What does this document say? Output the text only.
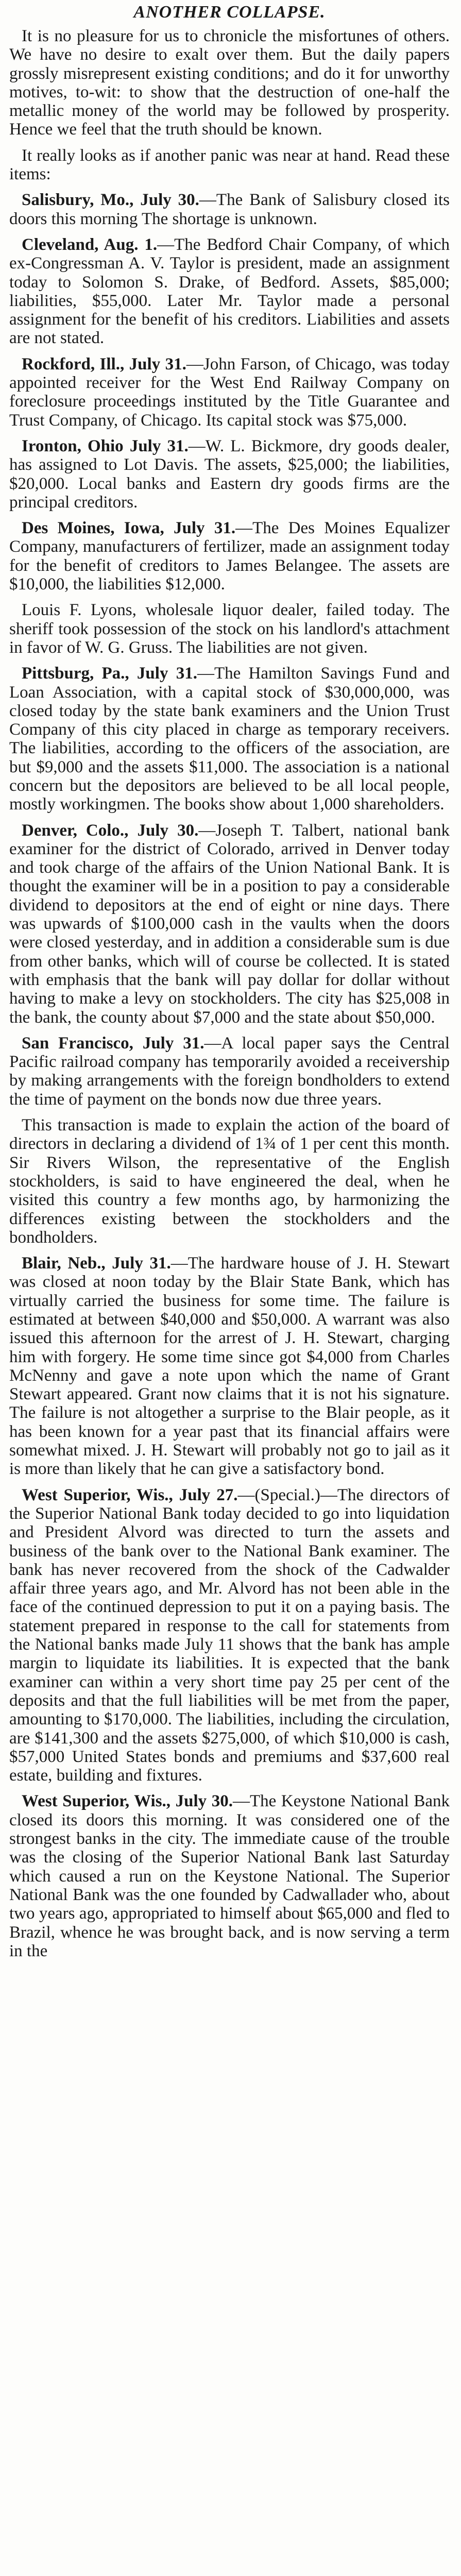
ANOTHER COLLAPSE.

It is no pleasure for us to chronicle the misfortunes of others. We have no desire to exalt over them. But the daily papers grossly misrepresent existing conditions; and do it for unworthy motives, to-wit: to show that the destruction of one-half the metallic money of the world may be followed by prosperity. Hence we feel that the truth should be known.

It really looks as if another panic was near at hand. Read these items:

Salisbury, Mo., July 30.—The Bank of Salisbury closed its doors this morning The shortage is unknown.

Cleveland, Aug. 1.—The Bedford Chair Company, of which ex-Congressman A. V. Taylor is president, made an assignment today to Solomon S. Drake, of Bedford. Assets, $85,000; liabilities, $55,000. Later Mr. Taylor made a personal assignment for the benefit of his creditors. Liabilities and assets are not stated.

Rockford, Ill., July 31.—John Farson, of Chicago, was today appointed receiver for the West End Railway Company on foreclosure proceedings instituted by the Title Guarantee and Trust Company, of Chicago. Its capital stock was $75,000.

Ironton, Ohio July 31.—W. L. Bickmore, dry goods dealer, has assigned to Lot Davis. The assets, $25,000; the liabilities, $20,000. Local banks and Eastern dry goods firms are the principal creditors.

Des Moines, Iowa, July 31.—The Des Moines Equalizer Company, manufacturers of fertilizer, made an assignment today for the benefit of creditors to James Belangee. The assets are $10,000, the liabilities $12,000.

Louis F. Lyons, wholesale liquor dealer, failed today. The sheriff took possession of the stock on his landlord's attachment in favor of W. G. Gruss. The liabilities are not given.

Pittsburg, Pa., July 31.—The Hamilton Savings Fund and Loan Association, with a capital stock of $30,000,000, was closed today by the state bank examiners and the Union Trust Company of this city placed in charge as temporary receivers. The liabilities, according to the officers of the association, are but $9,000 and the assets $11,000. The association is a national concern but the depositors are believed to be all local people, mostly workingmen. The books show about 1,000 shareholders.

Denver, Colo., July 30.—Joseph T. Talbert, national bank examiner for the district of Colorado, arrived in Denver today and took charge of the affairs of the Union National Bank. It is thought the examiner will be in a position to pay a considerable dividend to depositors at the end of eight or nine days. There was upwards of $100,000 cash in the vaults when the doors were closed yesterday, and in addition a considerable sum is due from other banks, which will of course be collected. It is stated with emphasis that the bank will pay dollar for dollar without having to make a levy on stockholders. The city has $25,008 in the bank, the county about $7,000 and the state about $50,000.

San Francisco, July 31.—A local paper says the Central Pacific railroad company has temporarily avoided a receivership by making arrangements with the foreign bondholders to extend the time of payment on the bonds now due three years.

This transaction is made to explain the action of the board of directors in declaring a dividend of 1¾ of 1 per cent this month. Sir Rivers Wilson, the representative of the English stockholders, is said to have engineered the deal, when he visited this country a few months ago, by harmonizing the differences existing between the stockholders and the bondholders.

Blair, Neb., July 31.—The hardware house of J. H. Stewart was closed at noon today by the Blair State Bank, which has virtually carried the business for some time. The failure is estimated at between $40,000 and $50,000. A warrant was also issued this afternoon for the arrest of J. H. Stewart, charging him with forgery. He some time since got $4,000 from Charles McNenny and gave a note upon which the name of Grant Stewart appeared. Grant now claims that it is not his signature. The failure is not altogether a surprise to the Blair people, as it has been known for a year past that its financial affairs were somewhat mixed. J. H. Stewart will probably not go to jail as it is more than likely that he can give a satisfactory bond.

West Superior, Wis., July 27.—(Special.)—The directors of the Superior National Bank today decided to go into liquidation and President Alvord was directed to turn the assets and business of the bank over to the National Bank examiner. The bank has never recovered from the shock of the Cadwalder affair three years ago, and Mr. Alvord has not been able in the face of the continued depression to put it on a paying basis. The statement prepared in response to the call for statements from the National banks made July 11 shows that the bank has ample margin to liquidate its liabilities. It is expected that the bank examiner can within a very short time pay 25 per cent of the deposits and that the full liabilities will be met from the paper, amounting to $170,000. The liabilities, including the circulation, are $141,300 and the assets $275,000, of which $10,000 is cash, $57,000 United States bonds and premiums and $37,600 real estate, building and fixtures.

West Superior, Wis., July 30.—The Keystone National Bank closed its doors this morning. It was considered one of the strongest banks in the city. The immediate cause of the trouble was the closing of the Superior National Bank last Saturday which caused a run on the Keystone National. The Superior National Bank was the one founded by Cadwallader who, about two years ago, appropriated to himself about $65,000 and fled to Brazil, whence he was brought back, and is now serving a term in the
